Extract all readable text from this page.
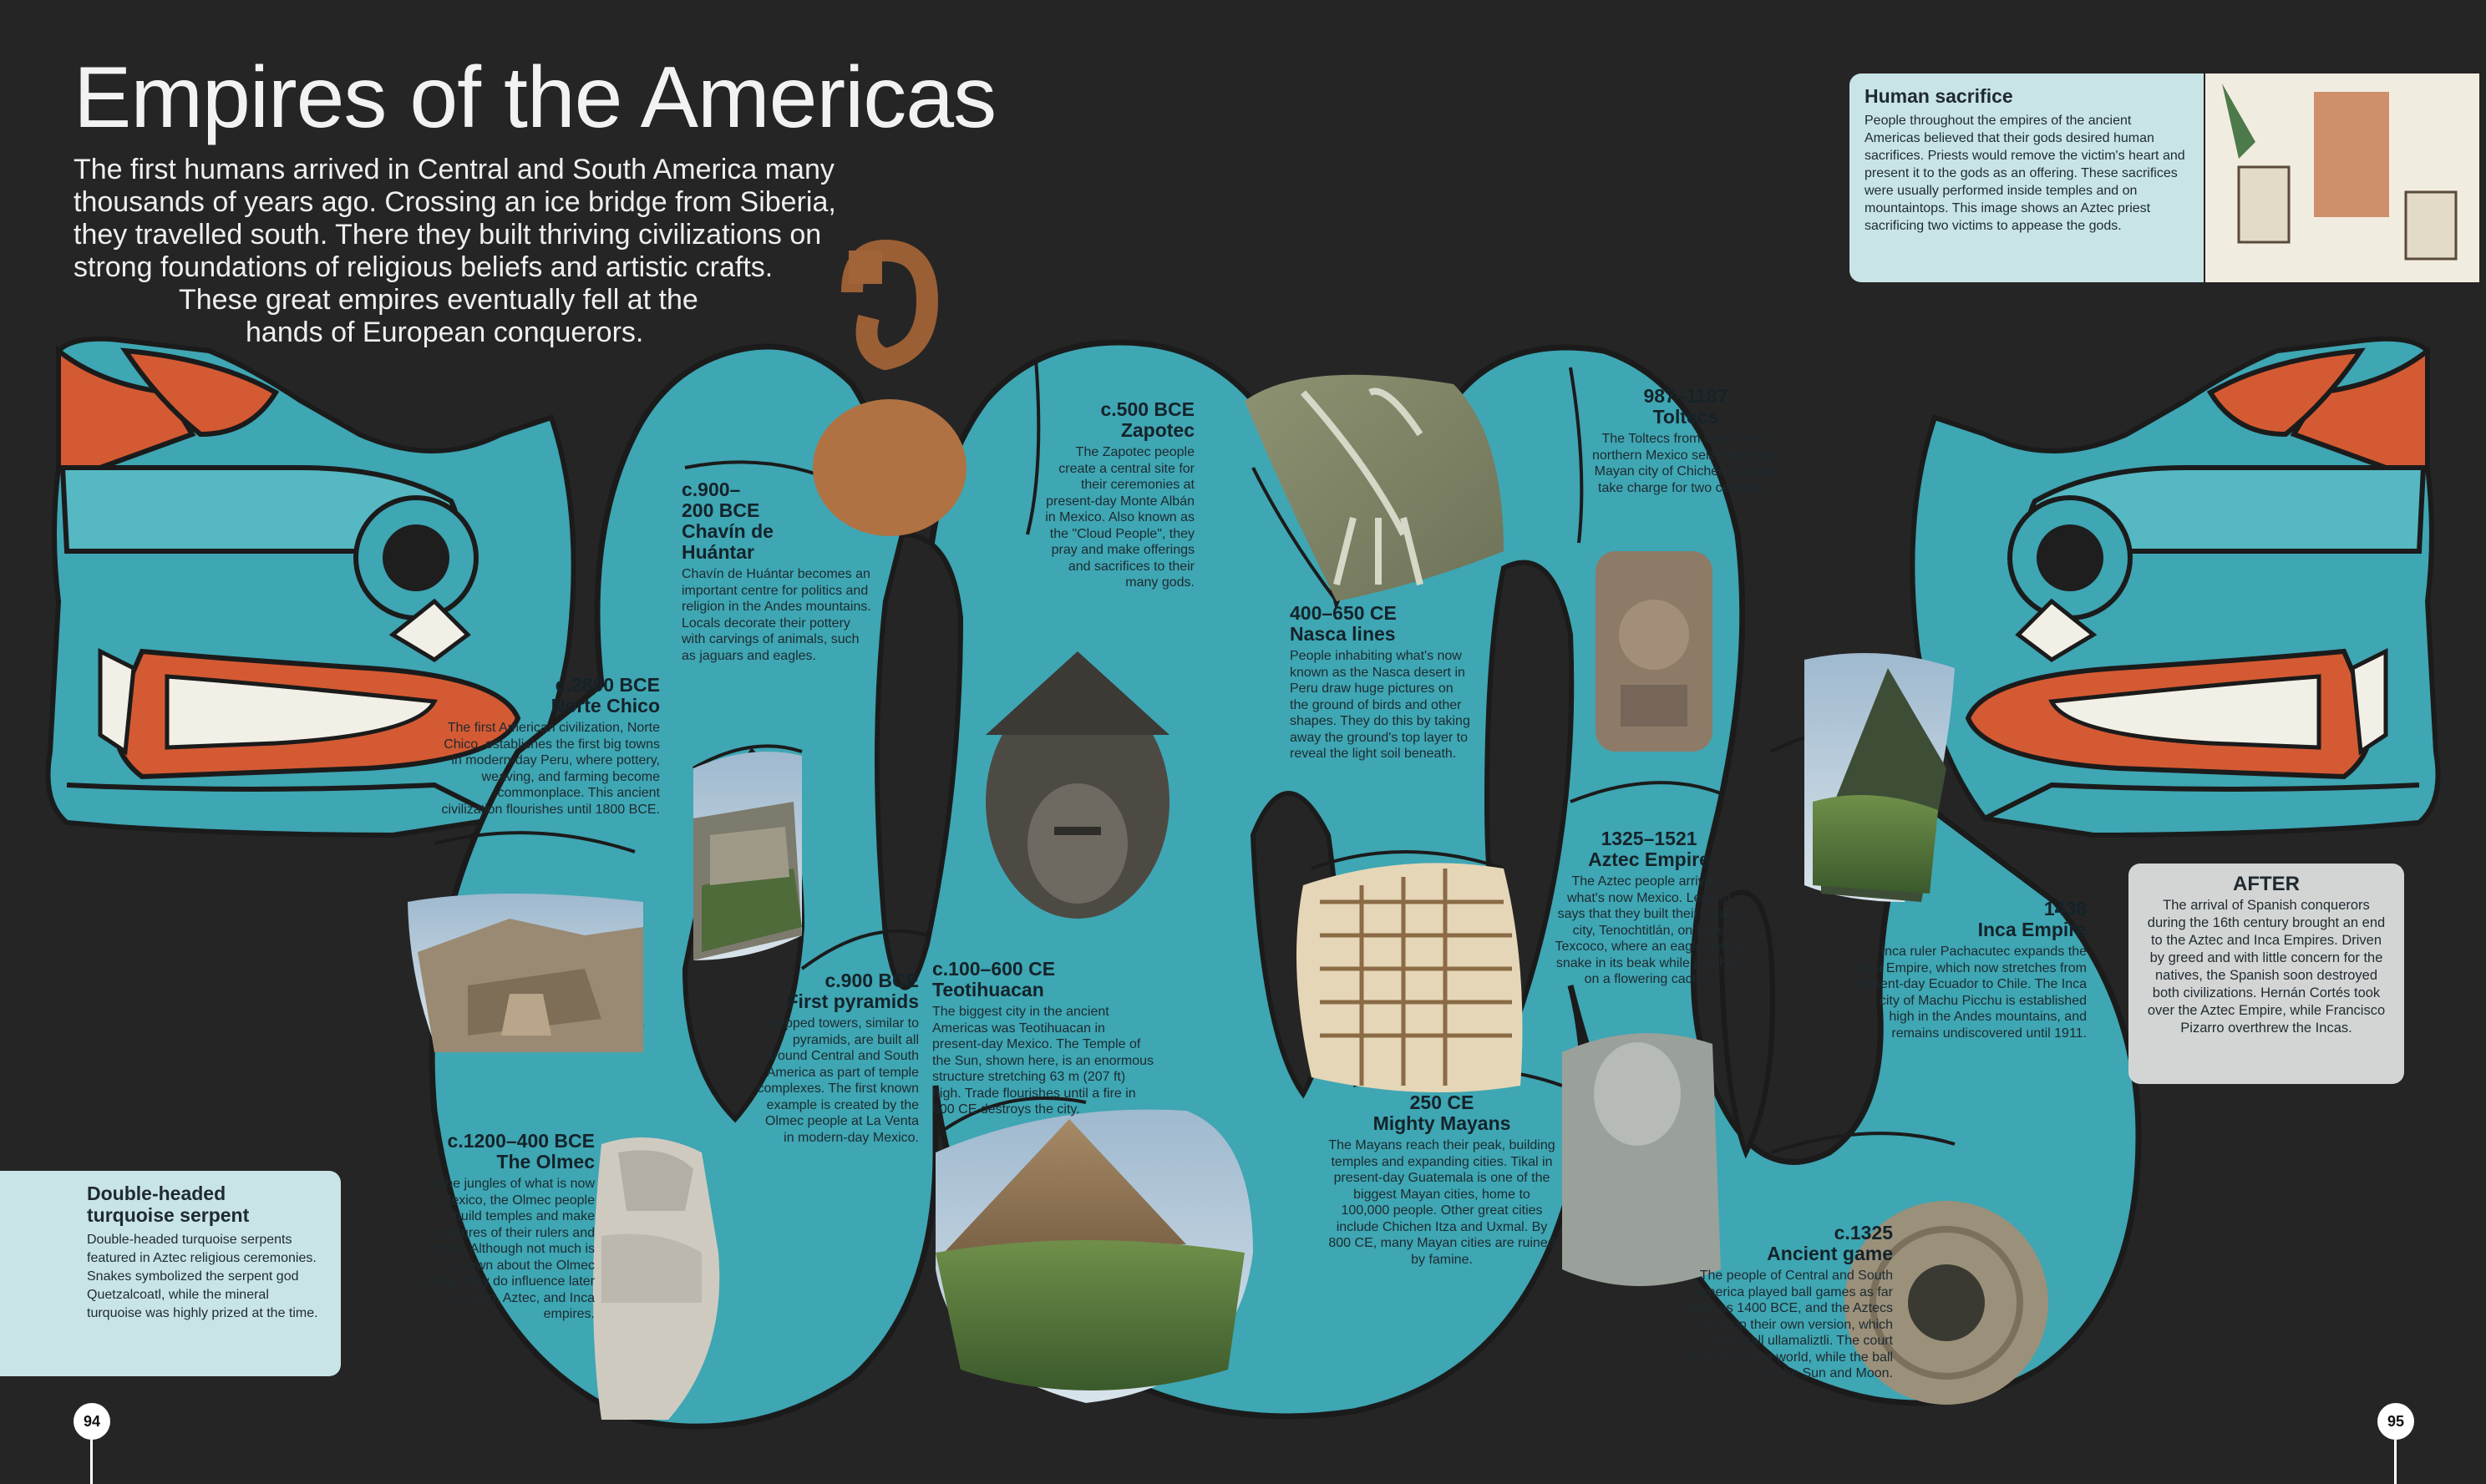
Empires of the Americas
The first humans arrived in Central and South America many
thousands of years ago. Crossing an ice bridge from Siberia,
they travelled south. There they built thriving civilizations on
strong foundations of religious beliefs and artistic crafts.
These great empires eventually fell at the
hands of European conquerors.
Human sacrifice
People throughout the empires of the ancient Americas believed that their gods desired human sacrifices. Priests would remove the victim's heart and present it to the gods as an offering. These sacrifices were usually performed inside temples and on mountaintops. This image shows an Aztec priest sacrificing two victims to appease the gods.
Double-headed
turquoise serpent
Double-headed turquoise serpents featured in Aztec religious ceremonies. Snakes symbolized the serpent god Quetzalcoatl, while the mineral turquoise was highly prized at the time.
AFTER
The arrival of Spanish conquerors during the 16th century brought an end to the Aztec and Inca Empires. Driven by greed and with little concern for the natives, the Spanish soon destroyed both civilizations. Hernán Cortés took over the Aztec Empire, while Francisco Pizarro overthrew the Incas.
c.2800 BCE
Norte Chico
The first American civilization, Norte Chico, establishes the first big towns in modern-day Peru, where pottery, weaving, and farming become commonplace. This ancient civilization flourishes until 1800 BCE.
c.1200–400 BCE
The Olmec
In the jungles of what is now Mexico, the Olmec people build temples and make sculptures of their rulers and gods. Although not much is known about the Olmec today, they do influence later Mayan, Aztec, and Inca empires.
c.900–
200 BCE
Chavín de
Huántar
Chavín de Huántar becomes an important centre for politics and religion in the Andes mountains. Locals decorate their pottery with carvings of animals, such as jaguars and eagles.
c.900 BCE
First pyramids
Stepped towers, similar to pyramids, are built all around Central and South America as part of temple complexes. The first known example is created by the Olmec people at La Venta in modern-day Mexico.
c.500 BCE
Zapotec
The Zapotec people create a central site for their ceremonies at present-day Monte Albán in Mexico. Also known as the "Cloud People", they pray and make offerings and sacrifices to their many gods.
c.100–600 CE
Teotihuacan
The biggest city in the ancient Americas was Teotihuacan in present-day Mexico. The Temple of the Sun, shown here, is an enormous structure stretching 63 m (207 ft) high. Trade flourishes until a fire in 600 CE destroys the city.
400–650 CE
Nasca lines
People inhabiting what's now known as the Nasca desert in Peru draw huge pictures on the ground of birds and other shapes. They do this by taking away the ground's top layer to reveal the light soil beneath.
250 CE
Mighty Mayans
The Mayans reach their peak, building temples and expanding cities. Tikal in present-day Guatemala is one of the biggest Mayan cities, home to 100,000 people. Other great cities include Chichen Itza and Uxmal. By 800 CE, many Mayan cities are ruined by famine.
987–1187
Toltecs
The Toltecs from what's now northern Mexico seize the great Mayan city of Chichen Itza and take charge for two centuries.
1325–1521
Aztec Empire
The Aztec people arrive in what's now Mexico. Legend says that they built their capital city, Tenochtitlán, on Lake Texcoco, where an eagle held a snake in its beak while perched on a flowering cactus.
c.1325
Ancient game
The people of Central and South America played ball games as far back as 1400 BCE, and the Aztecs develop their own version, which they call ullamaliztli. The court represents the world, while the ball is the Sun and Moon.
1438
Inca Empire
Inca ruler Pachacutec expands the Inca Empire, which now stretches from present-day Ecuador to Chile. The Inca city of Machu Picchu is established high in the Andes mountains, and remains undiscovered until 1911.
94	95
